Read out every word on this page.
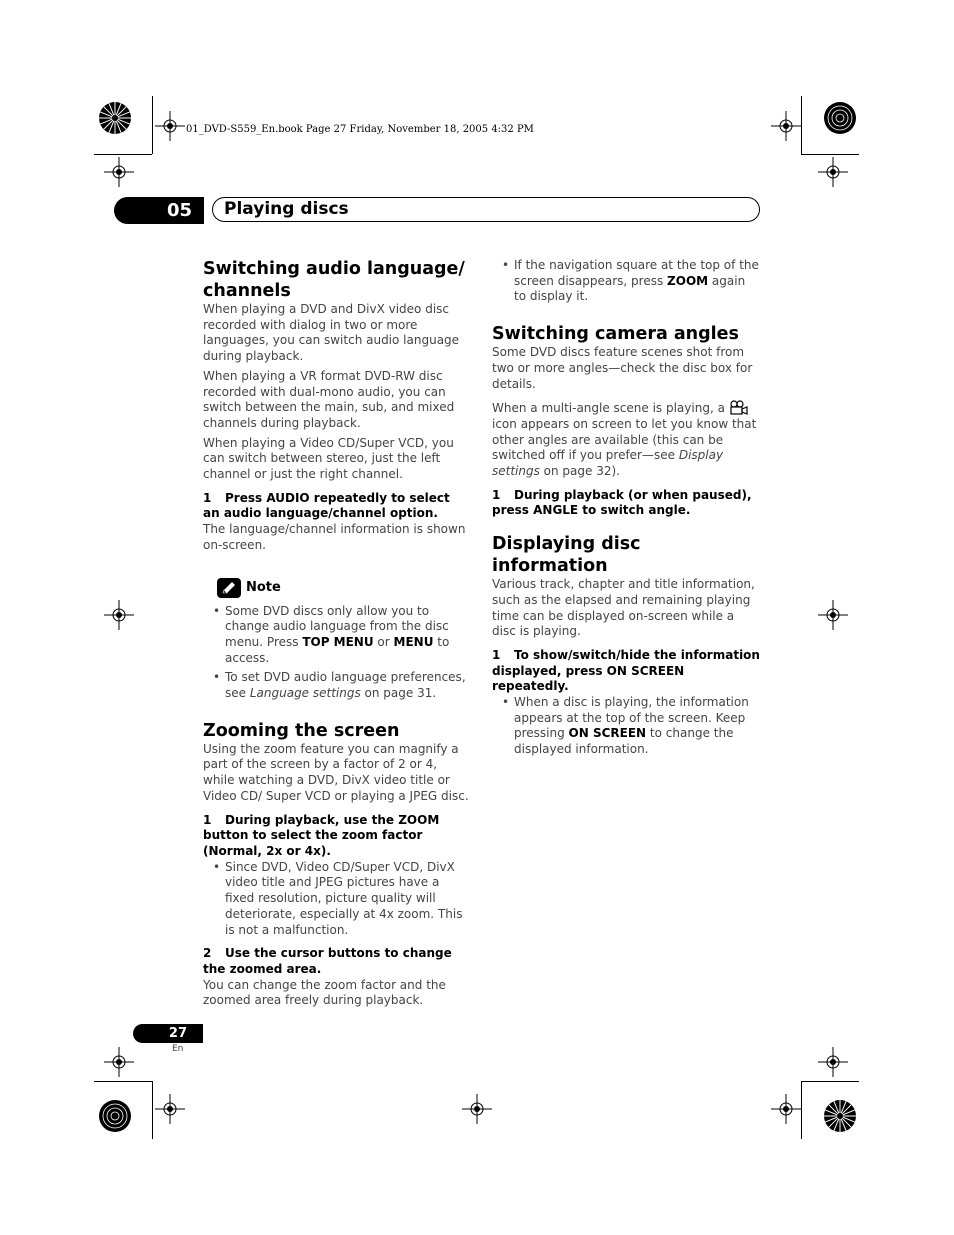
01_DVD-S559_En.book Page 27 Friday, November 18, 2005 4:32 PM
05	Playing discs
Switching audio language/ channels

When playing a DVD and DivX video disc recorded with dialog in two or more languages, you can switch audio language during playback.

When playing a VR format DVD-RW disc recorded with dual-mono audio, you can switch between the main, sub, and mixed channels during playback.

When playing a Video CD/Super VCD, you can switch between stereo, just the left channel or just the right channel.

1 Press AUDIO repeatedly to select an audio language/channel option.

The language/channel information is shown on-screen.

Note
• Some DVD discs only allow you to change audio language from the disc menu. Press TOP MENU or MENU to access.
• To set DVD audio language preferences, see Language settings on page 31.
Zooming the screen

Using the zoom feature you can magnify a part of the screen by a factor of 2 or 4, while watching a DVD, DivX video title or Video CD/ Super VCD or playing a JPEG disc.

1 During playback, use the ZOOM button to select the zoom factor (Normal, 2x or 4x).
• Since DVD, Video CD/Super VCD, DivX video title and JPEG pictures have a fixed resolution, picture quality will deteriorate, especially at 4x zoom. This is not a malfunction.
2 Use the cursor buttons to change the zoomed area.

You can change the zoom factor and the zoomed area freely during playback.

• If the navigation square at the top of the screen disappears, press ZOOM again to display it.
Switching camera angles

Some DVD discs feature scenes shot from two or more angles—check the disc box for details.

When a multi-angle scene is playing, a  icon appears on screen to let you know that other angles are available (this can be switched off if you prefer—see Display settings on page 32).

1 During playback (or when paused), press ANGLE to switch angle.
Displaying disc information

Various track, chapter and title information, such as the elapsed and remaining playing time can be displayed on-screen while a disc is playing.

1 To show/switch/hide the information displayed, press ON SCREEN repeatedly.
• When a disc is playing, the information appears at the top of the screen. Keep pressing ON SCREEN to change the displayed information.
27
En
